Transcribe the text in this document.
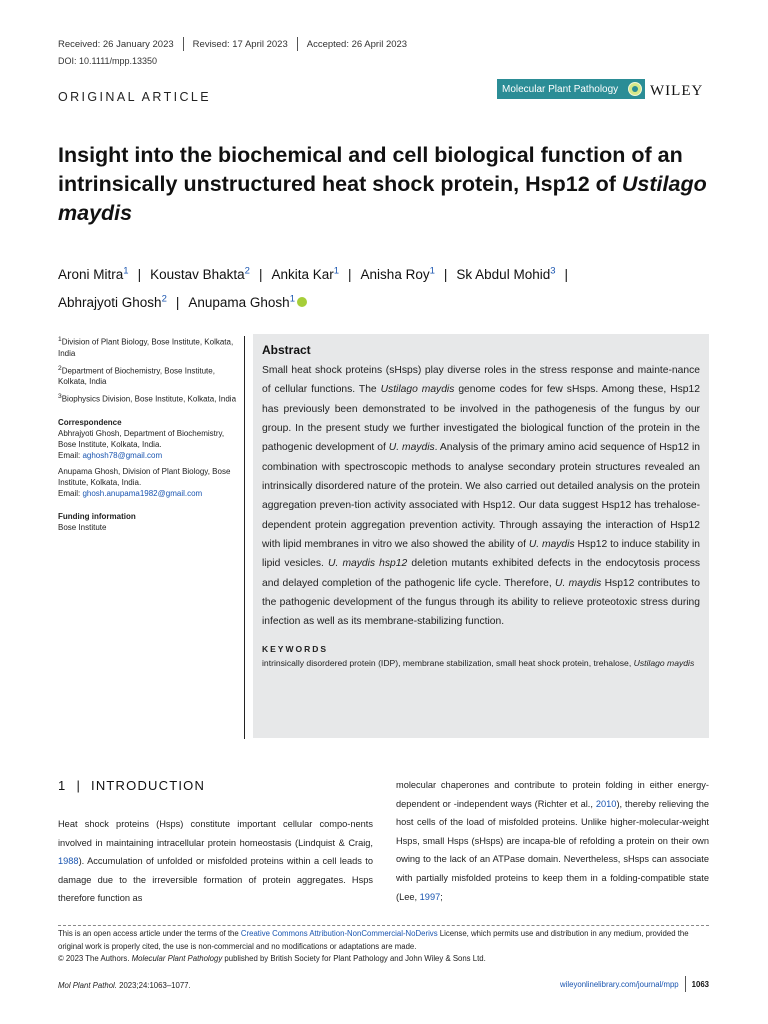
Received: 26 January 2023 Revised: 17 April 2023 Accepted: 26 April 2023
DOI: 10.1111/mpp.13350
ORIGINAL ARTICLE
Molecular Plant Pathology WILEY
Insight into the biochemical and cell biological function of an
intrinsically unstructured heat shock protein, Hsp12 of Ustilago
maydis
Aroni Mitra$^1$ | Koustav Bhakta$^2$ | Ankita Kar$^1$ | Anisha Roy$^1$ | Sk Abdul Mohid$^3$ |
Abhrajyoti Ghosh$^2$ | Anupama Ghosh$^1$
$^1$Division of Plant Biology, Bose Institute, Kolkata, India
$^2$Department of Biochemistry, Bose Institute, Kolkata, India
$^3$Biophysics Division, Bose Institute, Kolkata, India
Correspondence
Abhrajyoti Ghosh, Department of Biochemistry, Bose Institute, Kolkata, India.
Email: aghosh78@gmail.com
Anupama Ghosh, Division of Plant Biology, Bose Institute, Kolkata, India.
Email: ghosh.anupama1982@gmail.com
Funding information
Bose Institute
Abstract

Small heat shock proteins (sHsps) play diverse roles in the stress response and mainte-nance of cellular functions. The Ustilago maydis genome codes for few sHsps. Among these, Hsp12 has previously been demonstrated to be involved in the pathogenesis of the fungus by our group. In the present study we further investigated the biological function of the protein in the pathogenic development of U. maydis. Analysis of the primary amino acid sequence of Hsp12 in combination with spectroscopic methods to analyse secondary protein structures revealed an intrinsically disordered nature of the protein. We also carried out detailed analysis on the protein aggregation preven-tion activity associated with Hsp12. Our data suggest Hsp12 has trehalose-dependent protein aggregation prevention activity. Through assaying the interaction of Hsp12 with lipid membranes in vitro we also showed the ability of U. maydis Hsp12 to induce stability in lipid vesicles. U. maydis hsp12 deletion mutants exhibited defects in the endocytosis process and delayed completion of the pathogenic life cycle. Therefore, U. maydis Hsp12 contributes to the pathogenic development of the fungus through its ability to relieve proteotoxic stress during infection as well as its membrane-stabilizing function.

KEYWORDS
intrinsically disordered protein (IDP), membrane stabilization, small heat shock protein, trehalose, Ustilago maydis
1 | INTRODUCTION

Heat shock proteins (Hsps) constitute important cellular compo-nents involved in maintaining intracellular protein homeostasis (Lindquist & Craig, 1988). Accumulation of unfolded or misfolded proteins within a cell leads to damage due to the irreversible formation of protein aggregates. Hsps therefore function as

molecular chaperones and contribute to protein folding in either energy-dependent or -independent ways (Richter et al., 2010), thereby relieving the host cells of the load of misfolded proteins. Unlike higher-molecular-weight Hsps, small Hsps (sHsps) are incapa-ble of refolding a protein on their own owing to the lack of an ATPase domain. Nevertheless, sHsps can associate with partially misfolded proteins to keep them in a folding-compatible state (Lee, 1997;

This is an open access article under the terms of the Creative Commons Attribution-NonCommercial-NoDerivs License, which permits use and distribution in any medium, provided the original work is properly cited, the use is non-commercial and no modifications or adaptations are made.
© 2023 The Authors. Molecular Plant Pathology published by British Society for Plant Pathology and John Wiley & Sons Ltd.
Mol Plant Pathol. 2023;24:1063–1077.	wileyonlinelibrary.com/journal/mpp 1063
